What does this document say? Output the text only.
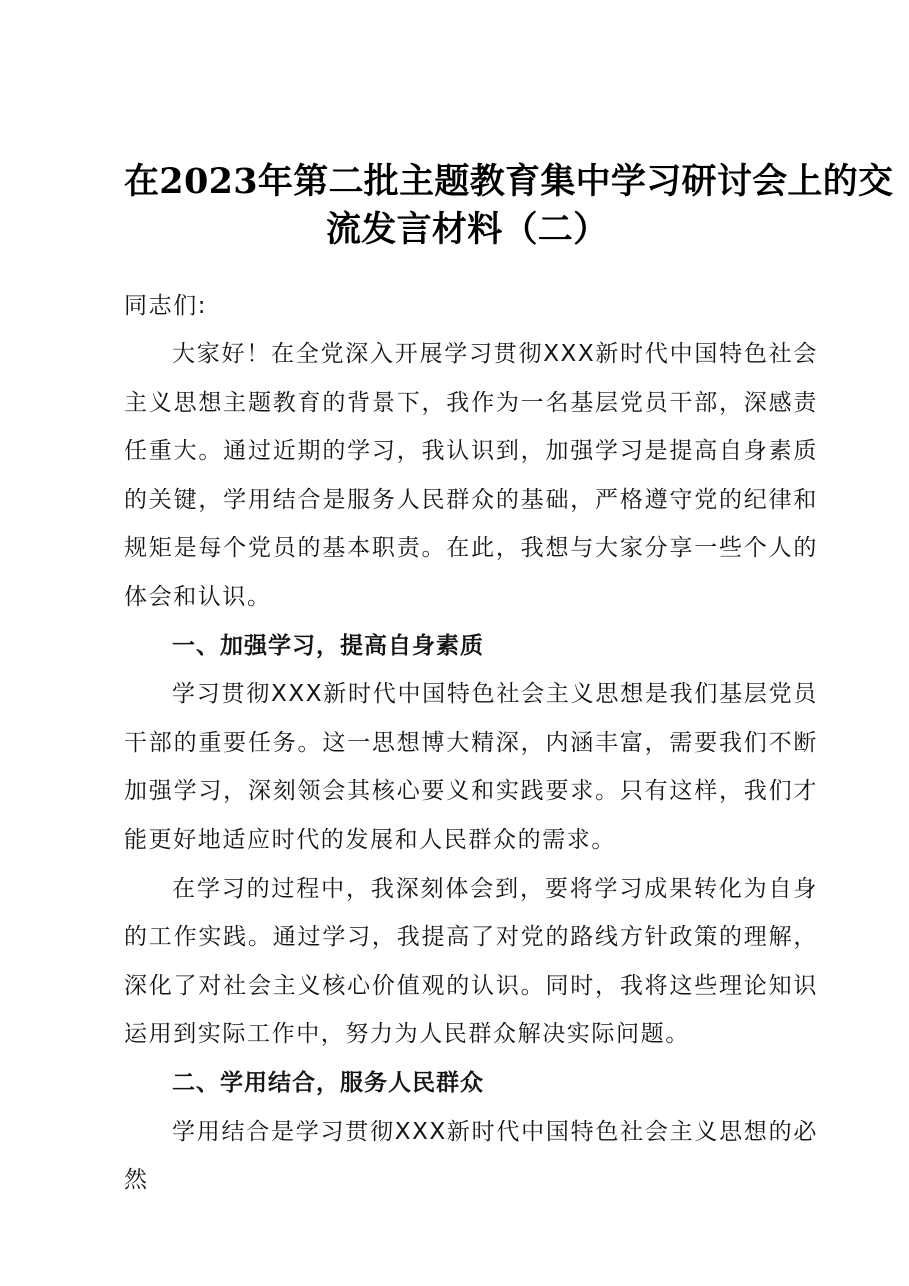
在2023年第二批主题教育集中学习研讨会上的交
流发言材料（二）
同志们:

大家好！在全党深入开展学习贯彻XXX新时代中国特色社会主义思想主题教育的背景下，我作为一名基层党员干部，深感责任重大。通过近期的学习，我认识到，加强学习是提高自身素质的关键，学用结合是服务人民群众的基础，严格遵守党的纪律和规矩是每个党员的基本职责。在此，我想与大家分享一些个人的体会和认识。

一、加强学习，提高自身素质

学习贯彻XXX新时代中国特色社会主义思想是我们基层党员干部的重要任务。这一思想博大精深，内涵丰富，需要我们不断加强学习，深刻领会其核心要义和实践要求。只有这样，我们才能更好地适应时代的发展和人民群众的需求。

在学习的过程中，我深刻体会到，要将学习成果转化为自身的工作实践。通过学习，我提高了对党的路线方针政策的理解，深化了对社会主义核心价值观的认识。同时，我将这些理论知识运用到实际工作中，努力为人民群众解决实际问题。

二、学用结合，服务人民群众

学用结合是学习贯彻XXX新时代中国特色社会主义思想的必然
